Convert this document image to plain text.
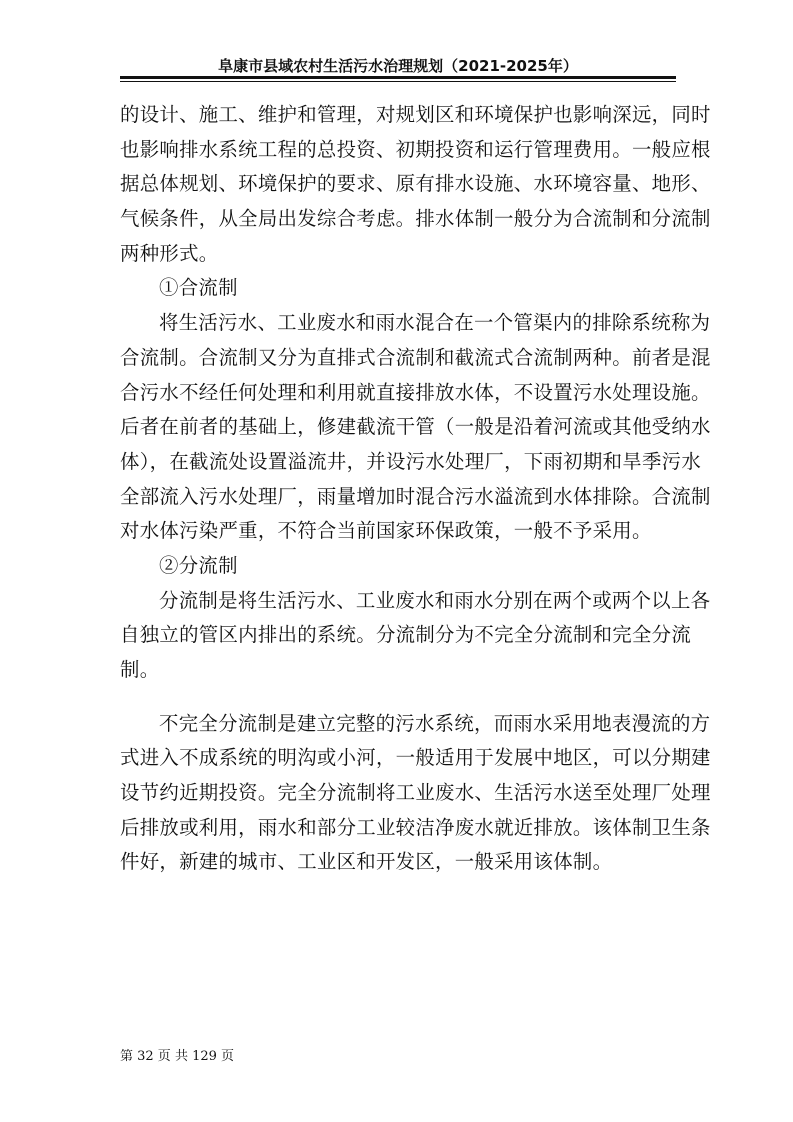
阜康市县域农村生活污水治理规划（2021-2025年）
的设计、施工、维护和管理，对规划区和环境保护也影响深远，同时
也影响排水系统工程的总投资、初期投资和运行管理费用。一般应根
据总体规划、环境保护的要求、原有排水设施、水环境容量、地形、
气候条件，从全局出发综合考虑。排水体制一般分为合流制和分流制
两种形式。
①合流制
将生活污水、工业废水和雨水混合在一个管渠内的排除系统称为
合流制。合流制又分为直排式合流制和截流式合流制两种。前者是混
合污水不经任何处理和利用就直接排放水体，不设置污水处理设施。
后者在前者的基础上，修建截流干管（一般是沿着河流或其他受纳水
体），在截流处设置溢流井，并设污水处理厂，下雨初期和旱季污水
全部流入污水处理厂，雨量增加时混合污水溢流到水体排除。合流制
对水体污染严重，不符合当前国家环保政策，一般不予采用。
②分流制
分流制是将生活污水、工业废水和雨水分别在两个或两个以上各
自独立的管区内排出的系统。分流制分为不完全分流制和完全分流
制。
不完全分流制是建立完整的污水系统，而雨水采用地表漫流的方
式进入不成系统的明沟或小河，一般适用于发展中地区，可以分期建
设节约近期投资。完全分流制将工业废水、生活污水送至处理厂处理
后排放或利用，雨水和部分工业较洁净废水就近排放。该体制卫生条
件好，新建的城市、工业区和开发区，一般采用该体制。
第 32 页 共 129 页
